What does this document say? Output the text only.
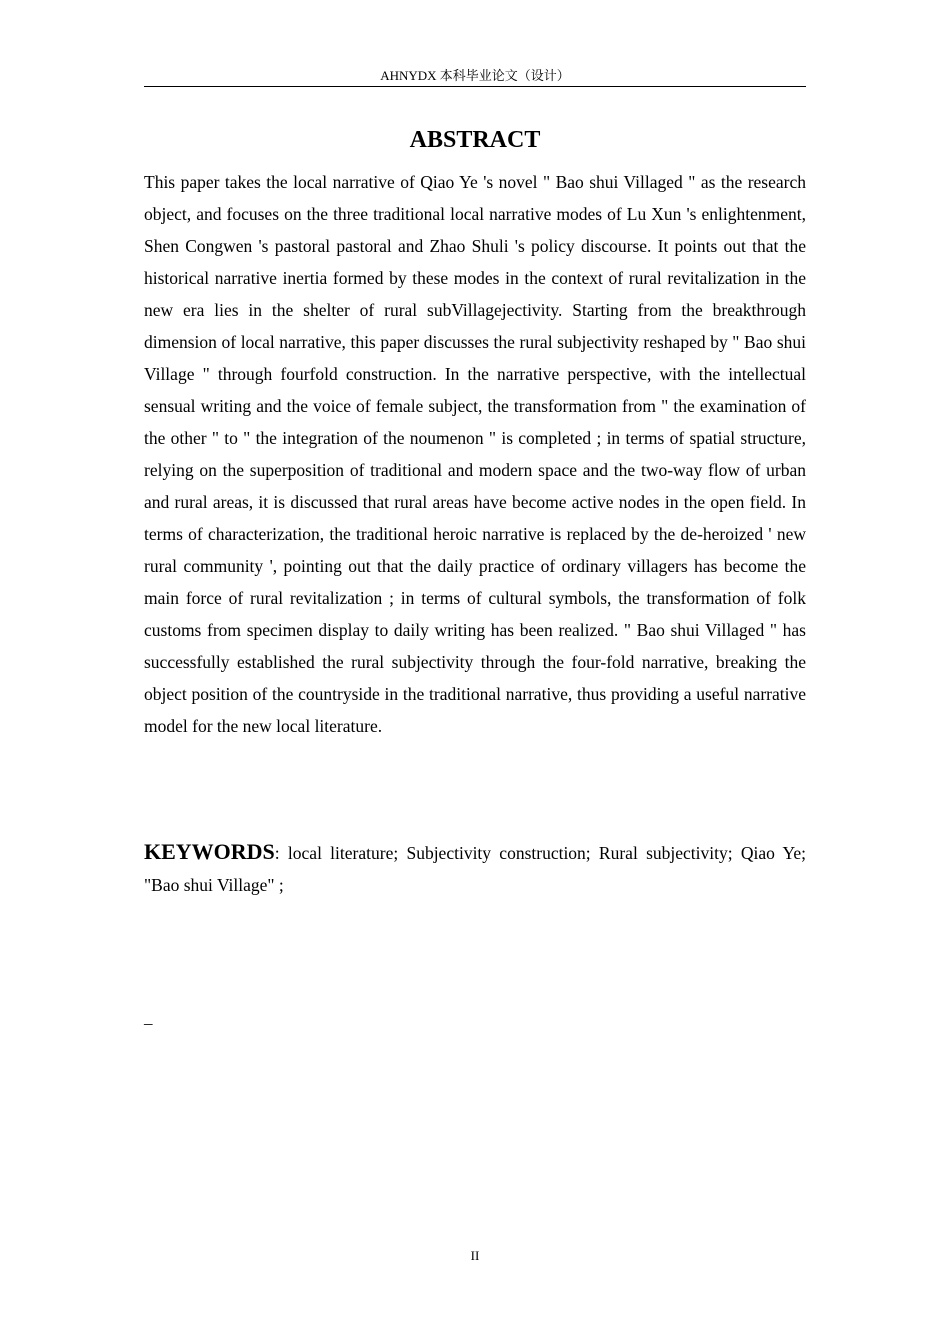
AHNYDX 本科毕业论文（设计）
ABSTRACT

This paper takes the local narrative of Qiao Ye 's novel " Bao shui Villaged " as the research object, and focuses on the three traditional local narrative modes of Lu Xun 's enlightenment, Shen Congwen 's pastoral pastoral and Zhao Shuli 's policy discourse. It points out that the historical narrative inertia formed by these modes in the context of rural revitalization in the new era lies in the shelter of rural subVillagejectivity. Starting from the breakthrough dimension of local narrative, this paper discusses the rural subjectivity reshaped by " Bao shui Village " through fourfold construction. In the narrative perspective, with the intellectual sensual writing and the voice of female subject, the transformation from " the examination of the other " to " the integration of the noumenon " is completed ; in terms of spatial structure, relying on the superposition of traditional and modern space and the two-way flow of urban and rural areas, it is discussed that rural areas have become active nodes in the open field. In terms of characterization, the traditional heroic narrative is replaced by the de-heroized ' new rural community ', pointing out that the daily practice of ordinary villagers has become the main force of rural revitalization ; in terms of cultural symbols, the transformation of folk customs from specimen display to daily writing has been realized. " Bao shui Villaged " has successfully established the rural subjectivity through the four-fold narrative, breaking the object position of the countryside in the traditional narrative, thus providing a useful narrative model for the new local literature.

KEYWORDS: local literature; Subjectivity construction; Rural subjectivity; Qiao Ye; "Bao shui Village" ;

_
II
